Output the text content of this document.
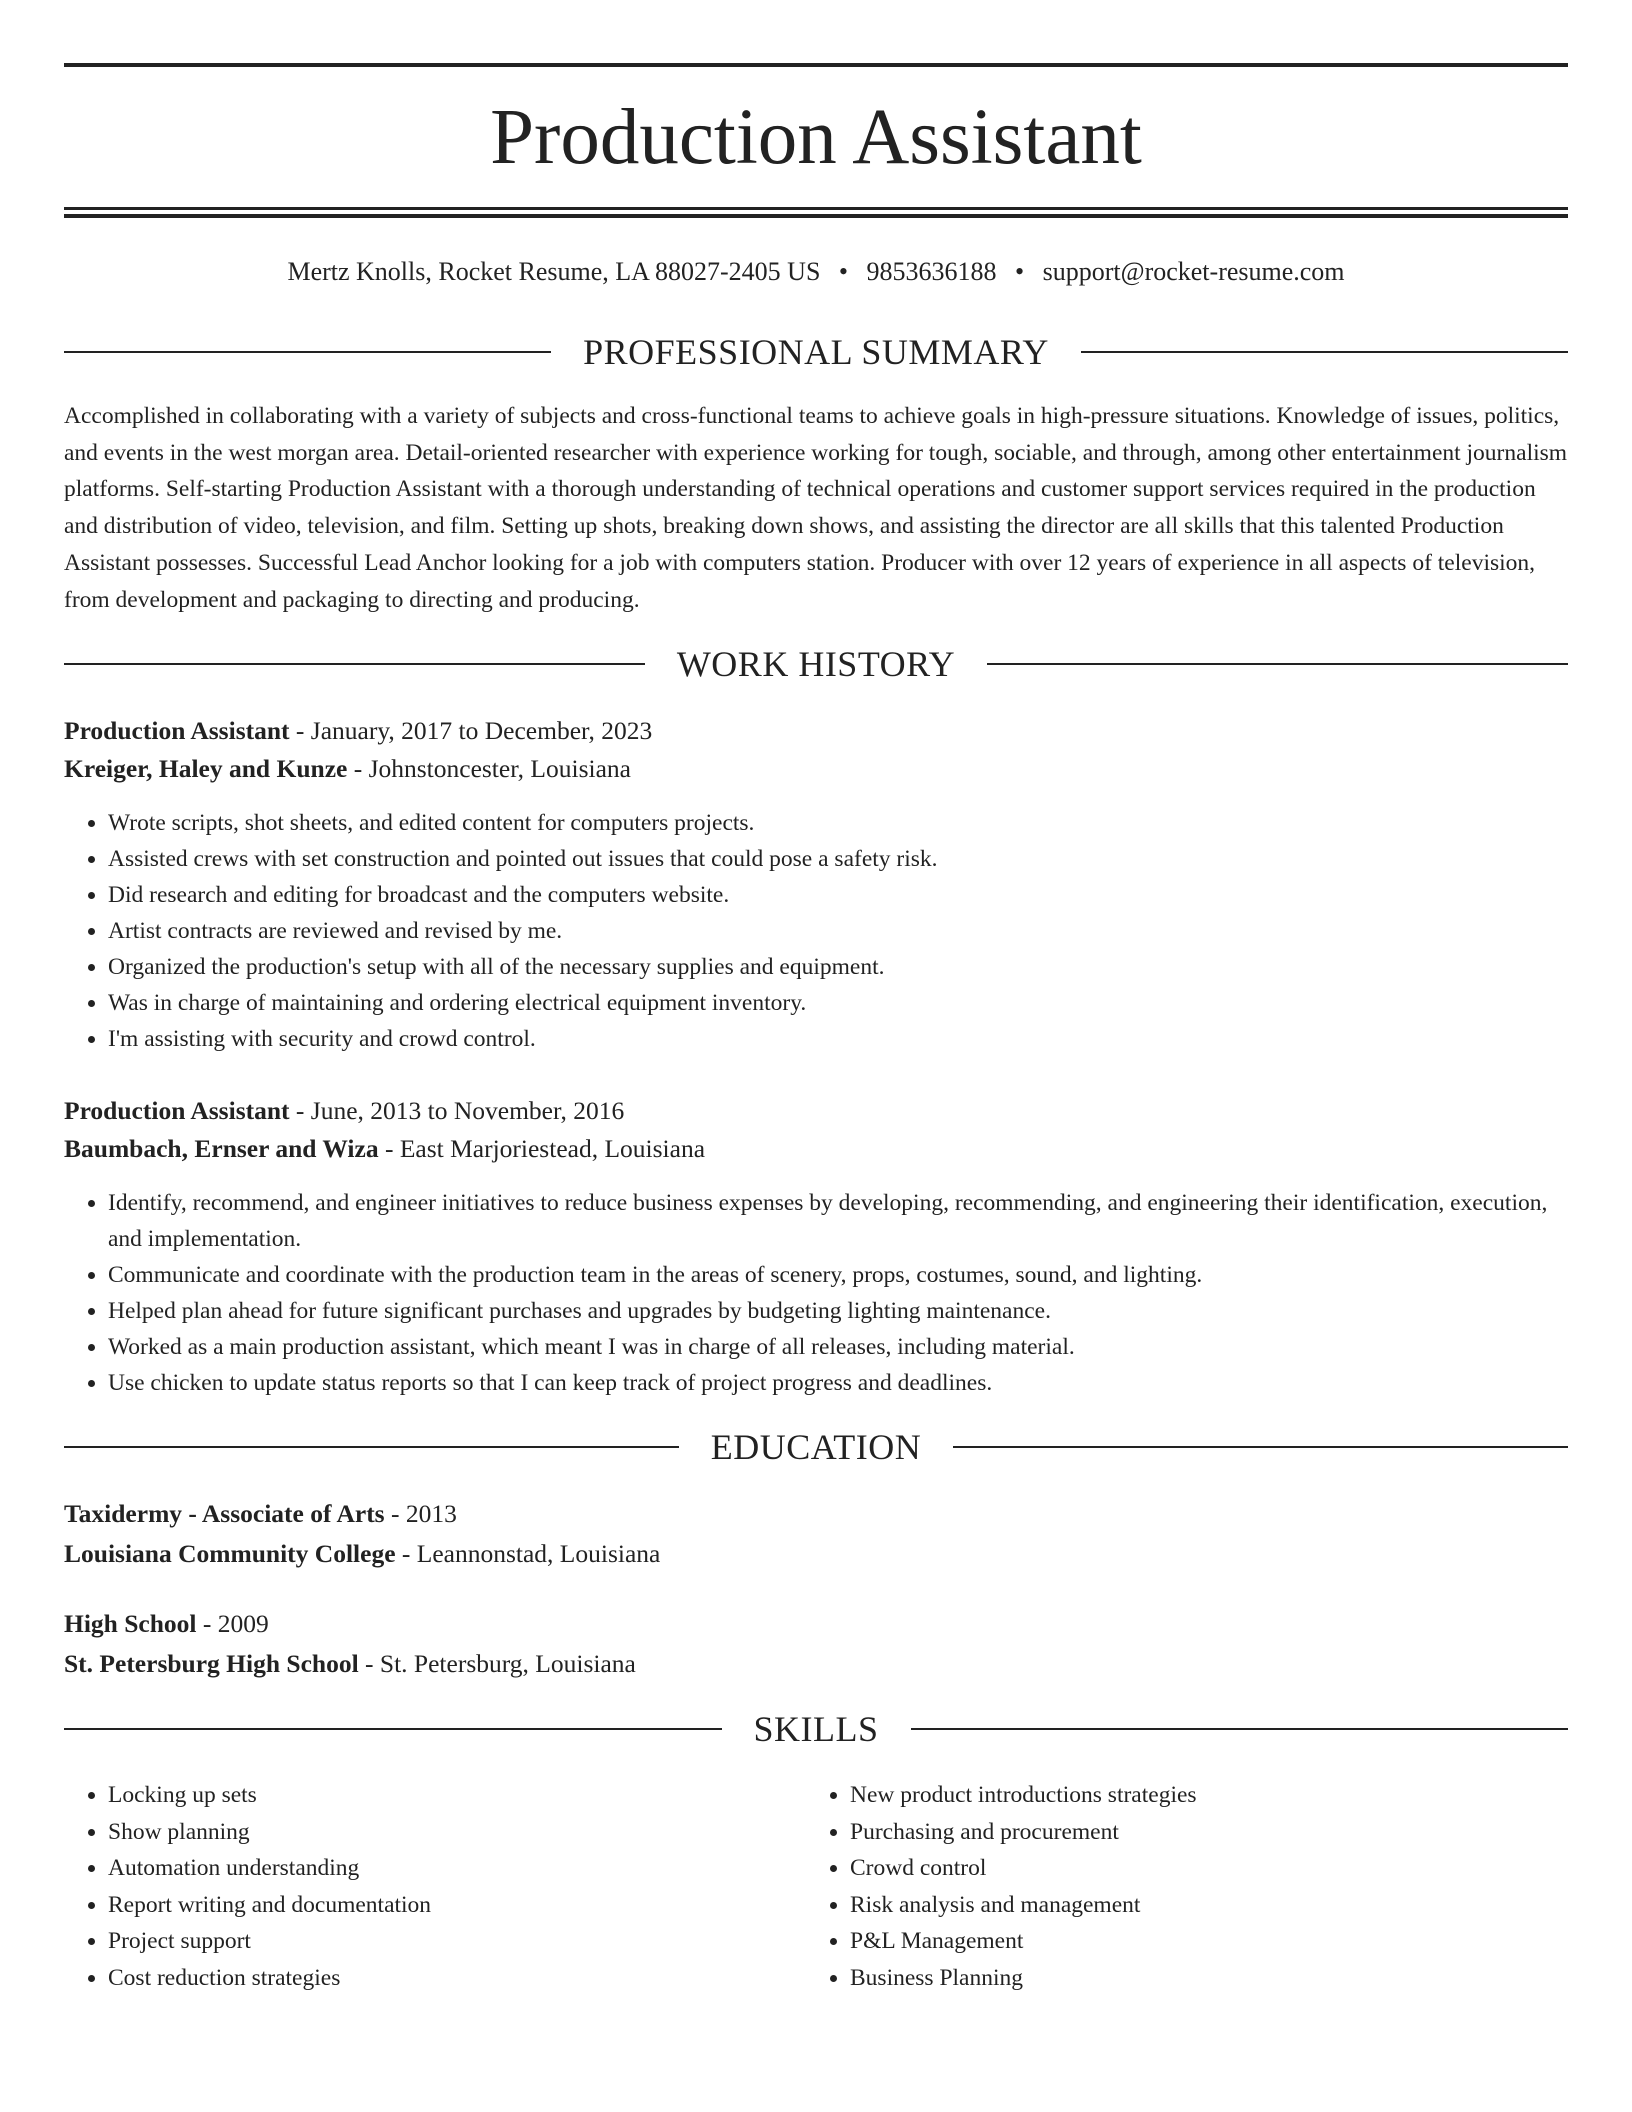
Production Assistant
Mertz Knolls, Rocket Resume, LA 88027-2405 US • 9853636188 • support@rocket-resume.com
PROFESSIONAL SUMMARY

Accomplished in collaborating with a variety of subjects and cross-functional teams to achieve goals in high-pressure situations. Knowledge of issues, politics, and events in the west morgan area. Detail-oriented researcher with experience working for tough, sociable, and through, among other entertainment journalism platforms. Self-starting Production Assistant with a thorough understanding of technical operations and customer support services required in the production and distribution of video, television, and film. Setting up shots, breaking down shows, and assisting the director are all skills that this talented Production Assistant possesses. Successful Lead Anchor looking for a job with computers station. Producer with over 12 years of experience in all aspects of television, from development and packaging to directing and producing.

WORK HISTORY
Production Assistant - January, 2017 to December, 2023
Kreiger, Haley and Kunze - Johnstoncester, Louisiana
• Wrote scripts, shot sheets, and edited content for computers projects.
• Assisted crews with set construction and pointed out issues that could pose a safety risk.
• Did research and editing for broadcast and the computers website.
• Artist contracts are reviewed and revised by me.
• Organized the production's setup with all of the necessary supplies and equipment.
• Was in charge of maintaining and ordering electrical equipment inventory.
• I'm assisting with security and crowd control.
Production Assistant - June, 2013 to November, 2016
Baumbach, Ernser and Wiza - East Marjoriestead, Louisiana
• Identify, recommend, and engineer initiatives to reduce business expenses by developing, recommending, and engineering their identification, execution, and implementation.
• Communicate and coordinate with the production team in the areas of scenery, props, costumes, sound, and lighting.
• Helped plan ahead for future significant purchases and upgrades by budgeting lighting maintenance.
• Worked as a main production assistant, which meant I was in charge of all releases, including material.
• Use chicken to update status reports so that I can keep track of project progress and deadlines.
EDUCATION
Taxidermy - Associate of Arts - 2013
Louisiana Community College - Leannonstad, Louisiana
High School - 2009
St. Petersburg High School - St. Petersburg, Louisiana
SKILLS
• Locking up sets
• Show planning
• Automation understanding
• Report writing and documentation
• Project support
• Cost reduction strategies
• New product introductions strategies
• Purchasing and procurement
• Crowd control
• Risk analysis and management
• P&L Management
• Business Planning
